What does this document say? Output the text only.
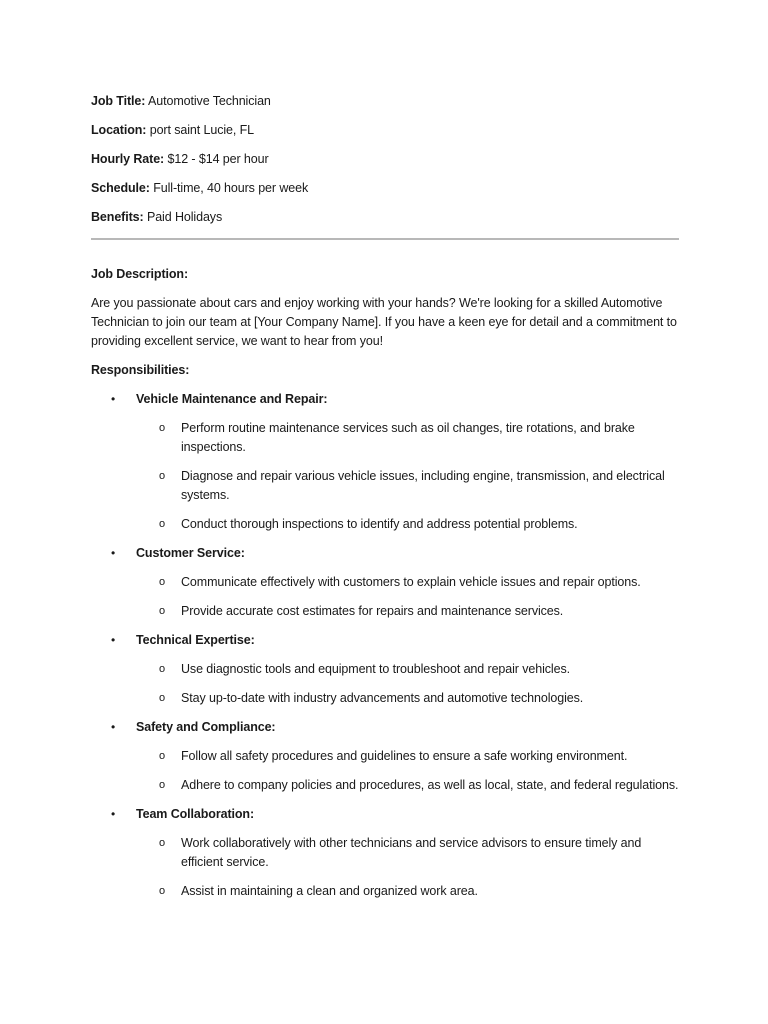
Job Title: Automotive Technician
Location: port saint Lucie, FL
Hourly Rate: $12 - $14 per hour
Schedule: Full-time, 40 hours per week
Benefits: Paid Holidays
Job Description:
Are you passionate about cars and enjoy working with your hands? We're looking for a skilled Automotive Technician to join our team at [Your Company Name]. If you have a keen eye for detail and a commitment to providing excellent service, we want to hear from you!
Responsibilities:
• Vehicle Maintenance and Repair:
o Perform routine maintenance services such as oil changes, tire rotations, and brake inspections.
o Diagnose and repair various vehicle issues, including engine, transmission, and electrical systems.
o Conduct thorough inspections to identify and address potential problems.
• Customer Service:
o Communicate effectively with customers to explain vehicle issues and repair options.
o Provide accurate cost estimates for repairs and maintenance services.
• Technical Expertise:
o Use diagnostic tools and equipment to troubleshoot and repair vehicles.
o Stay up-to-date with industry advancements and automotive technologies.
• Safety and Compliance:
o Follow all safety procedures and guidelines to ensure a safe working environment.
o Adhere to company policies and procedures, as well as local, state, and federal regulations.
• Team Collaboration:
o Work collaboratively with other technicians and service advisors to ensure timely and efficient service.
o Assist in maintaining a clean and organized work area.
